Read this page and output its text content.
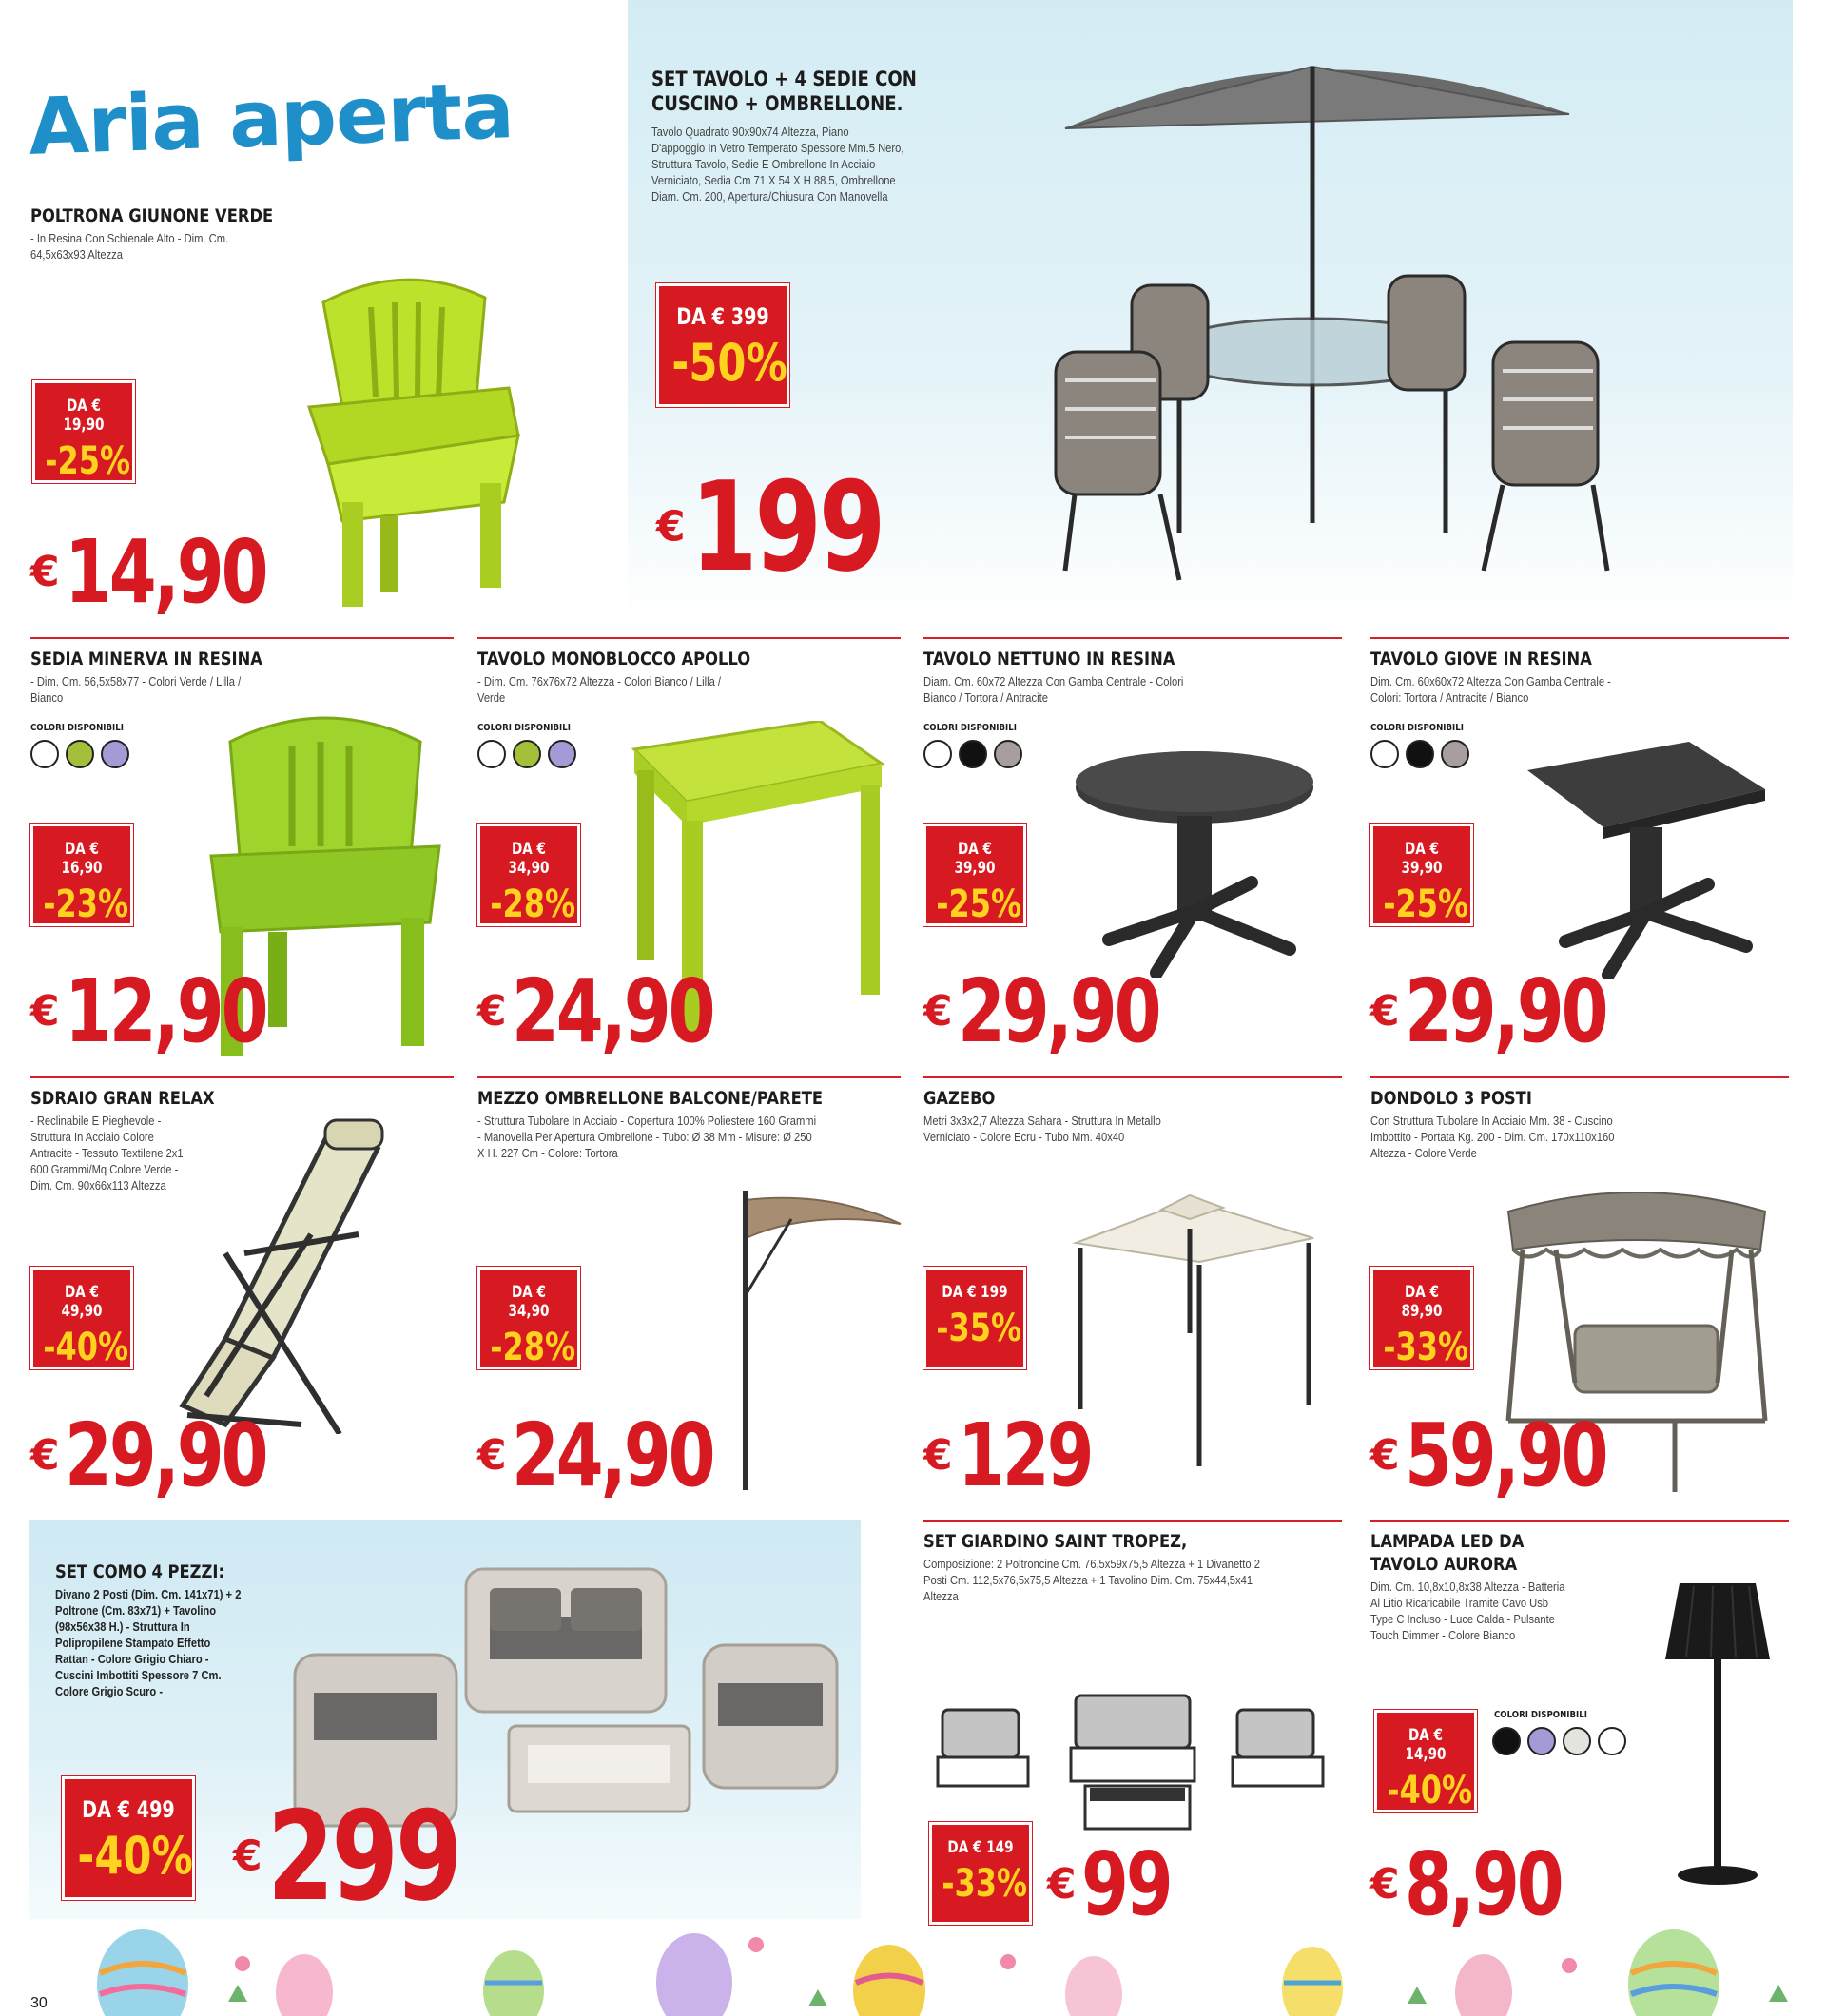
Aria aperta
POLTRONA GIUNONE VERDE
- In Resina Con Schienale Alto - Dim. Cm. 64,5x63x93 Altezza
DA € 19,90
-25%
€ 14,90
SET TAVOLO + 4 SEDIE CON
CUSCINO + OMBRELLONE.
Tavolo Quadrato 90x90x74 Altezza, Piano D'appoggio In Vetro Temperato Spessore Mm.5 Nero, Struttura Tavolo, Sedie E Ombrellone In Acciaio Verniciato, Sedia Cm 71 X 54 X H 88.5, Ombrellone Diam. Cm. 200, Apertura/Chiusura Con Manovella
DA € 399
-50%
€ 199
SEDIA MINERVA IN RESINA
- Dim. Cm. 56,5x58x77 - Colori Verde / Lilla / Bianco
COLORI DISPONIBILI
DA € 16,90
-23%
€ 12,90
TAVOLO MONOBLOCCO APOLLO
- Dim. Cm. 76x76x72 Altezza - Colori Bianco / Lilla / Verde
COLORI DISPONIBILI
DA € 34,90
-28%
€ 24,90
TAVOLO NETTUNO IN RESINA
Diam. Cm. 60x72 Altezza Con Gamba Centrale - Colori Bianco / Tortora / Antracite
COLORI DISPONIBILI
DA € 39,90
-25%
€ 29,90
TAVOLO GIOVE IN RESINA
Dim. Cm. 60x60x72 Altezza Con Gamba Centrale - Colori: Tortora / Antracite / Bianco
COLORI DISPONIBILI
DA € 39,90
-25%
€ 29,90
SDRAIO GRAN RELAX
- Reclinabile E Pieghevole - Struttura In Acciaio Colore Antracite - Tessuto Textilene 2x1 600 Grammi/Mq Colore Verde - Dim. Cm. 90x66x113 Altezza
DA € 49,90
-40%
€ 29,90
MEZZO OMBRELLONE BALCONE/PARETE
- Struttura Tubolare In Acciaio - Copertura 100% Poliestere 160 Grammi - Manovella Per Apertura Ombrellone - Tubo: Ø 38 Mm - Misure: Ø 250 X H. 227 Cm - Colore: Tortora
DA € 34,90
-28%
€ 24,90
GAZEBO
Metri 3x3x2,7 Altezza Sahara - Struttura In Metallo Verniciato - Colore Ecru - Tubo Mm. 40x40
DA € 199
-35%
€ 129
DONDOLO 3 POSTI
Con Struttura Tubolare In Acciaio Mm. 38 - Cuscino Imbottito - Portata Kg. 200 - Dim. Cm. 170x110x160 Altezza - Colore Verde
DA € 89,90
-33%
€ 59,90
SET COMO 4 PEZZI:
Divano 2 Posti (Dim. Cm. 141x71) + 2 Poltrone (Cm. 83x71) + Tavolino (98x56x38 H.) - Struttura In Polipropilene Stampato Effetto Rattan - Colore Grigio Chiaro - Cuscini Imbottiti Spessore 7 Cm. Colore Grigio Scuro -
DA € 499
-40% € 299
SET GIARDINO SAINT TROPEZ,
Composizione: 2 Poltroncine Cm. 76,5x59x75,5 Altezza + 1 Divanetto 2 Posti Cm. 112,5x76,5x75,5 Altezza + 1 Tavolino Dim. Cm. 75x44,5x41 Altezza
DA € 149
-33% € 99
LAMPADA LED DA
TAVOLO AURORA
Dim. Cm. 10,8x10,8x38 Altezza - Batteria Al Litio Ricaricabile Tramite Cavo Usb Type C Incluso - Luce Calda - Pulsante Touch Dimmer - Colore Bianco
COLORI DISPONIBILI
DA € 14,90
-40%
€ 8,90
30
